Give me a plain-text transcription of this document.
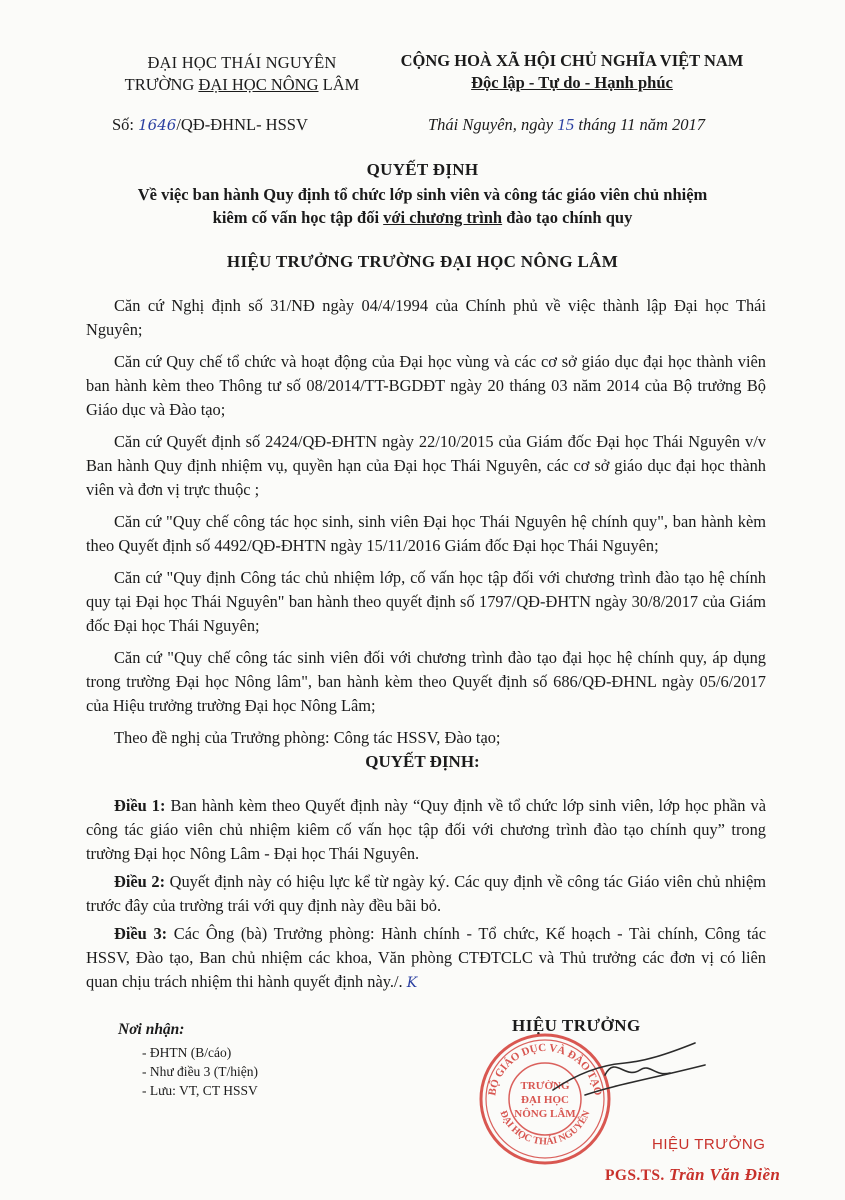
ĐẠI HỌC THÁI NGUYÊN
TRƯỜNG ĐẠI HỌC NÔNG LÂM
CỘNG HOÀ XÃ HỘI CHỦ NGHĨA VIỆT NAM
Độc lập - Tự do - Hạnh phúc
Số: 1646/QĐ-ĐHNL- HSSV	Thái Nguyên, ngày 15 tháng 11 năm 2017
QUYẾT ĐỊNH
Về việc ban hành Quy định tổ chức lớp sinh viên và công tác giáo viên chủ nhiệm
kiêm cố vấn học tập đối với chương trình đào tạo chính quy
HIỆU TRƯỞNG TRƯỜNG ĐẠI HỌC NÔNG LÂM

Căn cứ Nghị định số 31/NĐ ngày 04/4/1994 của Chính phủ về việc thành lập Đại học Thái Nguyên;

Căn cứ Quy chế tổ chức và hoạt động của Đại học vùng và các cơ sở giáo dục đại học thành viên ban hành kèm theo Thông tư số 08/2014/TT-BGDĐT ngày 20 tháng 03 năm 2014 của Bộ trưởng Bộ Giáo dục và Đào tạo;

Căn cứ Quyết định số 2424/QĐ-ĐHTN ngày 22/10/2015 của Giám đốc Đại học Thái Nguyên v/v Ban hành Quy định nhiệm vụ, quyền hạn của Đại học Thái Nguyên, các cơ sở giáo dục đại học thành viên và đơn vị trực thuộc ;

Căn cứ "Quy chế công tác học sinh, sinh viên Đại học Thái Nguyên hệ chính quy", ban hành kèm theo Quyết định số 4492/QĐ-ĐHTN ngày 15/11/2016 Giám đốc Đại học Thái Nguyên;

Căn cứ "Quy định Công tác chủ nhiệm lớp, cố vấn học tập đối với chương trình đào tạo hệ chính quy tại Đại học Thái Nguyên" ban hành theo quyết định số 1797/QĐ-ĐHTN ngày 30/8/2017 của Giám đốc Đại học Thái Nguyên;

Căn cứ "Quy chế công tác sinh viên đối với chương trình đào tạo đại học hệ chính quy, áp dụng trong trường Đại học Nông lâm", ban hành kèm theo Quyết định số 686/QĐ-ĐHNL ngày 05/6/2017 của Hiệu trưởng trường Đại học Nông Lâm;

Theo đề nghị của Trưởng phòng: Công tác HSSV, Đào tạo;

QUYẾT ĐỊNH:

Điều 1: Ban hành kèm theo Quyết định này “Quy định về tổ chức lớp sinh viên, lớp học phần và công tác giáo viên chủ nhiệm kiêm cố vấn học tập đối với chương trình đào tạo chính quy” trong trường Đại học Nông Lâm - Đại học Thái Nguyên.

Điều 2: Quyết định này có hiệu lực kể từ ngày ký. Các quy định về công tác Giáo viên chủ nhiệm trước đây của trường trái với quy định này đều bãi bỏ.

Điều 3: Các Ông (bà) Trưởng phòng: Hành chính - Tổ chức, Kế hoạch - Tài chính, Công tác HSSV, Đào tạo, Ban chủ nhiệm các khoa, Văn phòng CTĐTCLC và Thủ trưởng các đơn vị có liên quan chịu trách nhiệm thi hành quyết định này./. K

Nơi nhận:
- ĐHTN (B/cáo)
- Như điều 3 (T/hiện)
- Lưu: VT, CT HSSV
HIỆU TRƯỞNG
BỘ GIÁO DỤC VÀ ĐÀO TẠO
ĐẠI HỌC THÁI NGUYÊN
TRƯỜNG
ĐẠI HỌC
NÔNG LÂM
HIỆU TRƯỞNG
PGS.TS. Trần Văn Điền
